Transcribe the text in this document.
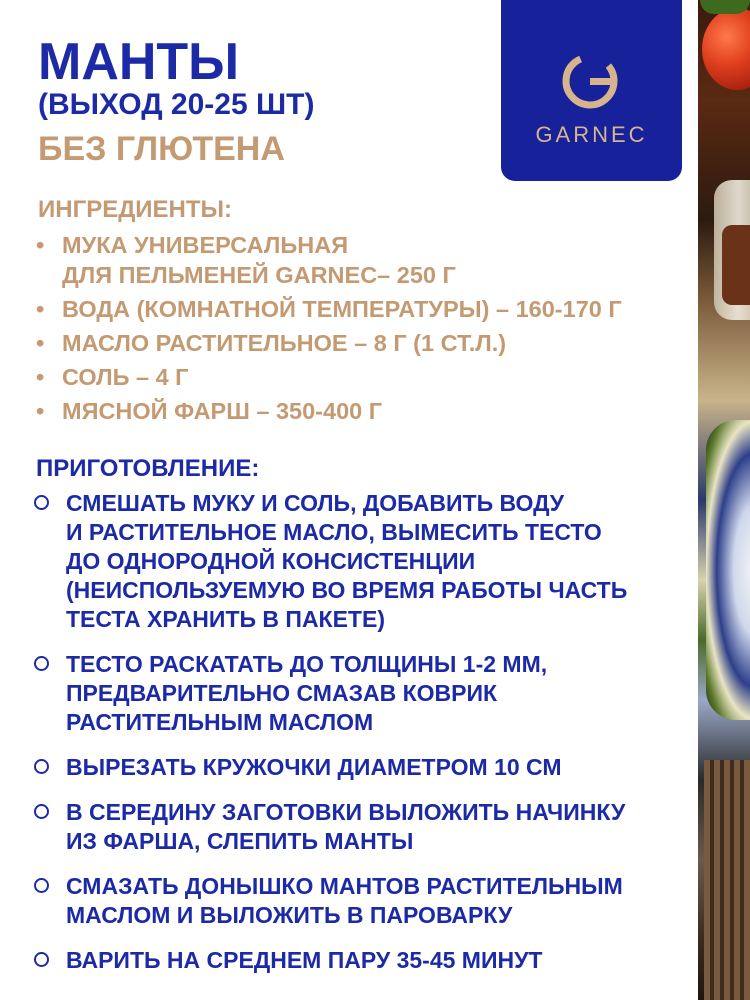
МАНТЫ
(ВЫХОД 20-25 ШТ)
БЕЗ ГЛЮТЕНА	GARNEC
ИНГРЕДИЕНТЫ:
• МУКА УНИВЕРСАЛЬНАЯ
ДЛЯ ПЕЛЬМЕНЕЙ GARNEC– 250 Г
• ВОДА (КОМНАТНОЙ ТЕМПЕРАТУРЫ) – 160-170 Г
• МАСЛО РАСТИТЕЛЬНОЕ – 8 Г (1 СТ.Л.)
• СОЛЬ – 4 Г
• МЯСНОЙ ФАРШ – 350-400 Г
ПРИГОТОВЛЕНИЕ:
СМЕШАТЬ МУКУ И СОЛЬ, ДОБАВИТЬ ВОДУ
И РАСТИТЕЛЬНОЕ МАСЛО, ВЫМЕСИТЬ ТЕСТО
ДО ОДНОРОДНОЙ КОНСИСТЕНЦИИ
(НЕИСПОЛЬЗУЕМУЮ ВО ВРЕМЯ РАБОТЫ ЧАСТЬ
ТЕСТА ХРАНИТЬ В ПАКЕТЕ)
ТЕСТО РАСКАТАТЬ ДО ТОЛЩИНЫ 1-2 ММ,
ПРЕДВАРИТЕЛЬНО СМАЗАВ КОВРИК
РАСТИТЕЛЬНЫМ МАСЛОМ
ВЫРЕЗАТЬ КРУЖОЧКИ ДИАМЕТРОМ 10 СМ
В СЕРЕДИНУ ЗАГОТОВКИ ВЫЛОЖИТЬ НАЧИНКУ
ИЗ ФАРША, СЛЕПИТЬ МАНТЫ
СМАЗАТЬ ДОНЫШКО МАНТОВ РАСТИТЕЛЬНЫМ
МАСЛОМ И ВЫЛОЖИТЬ В ПАРОВАРКУ
ВАРИТЬ НА СРЕДНЕМ ПАРУ 35-45 МИНУТ
